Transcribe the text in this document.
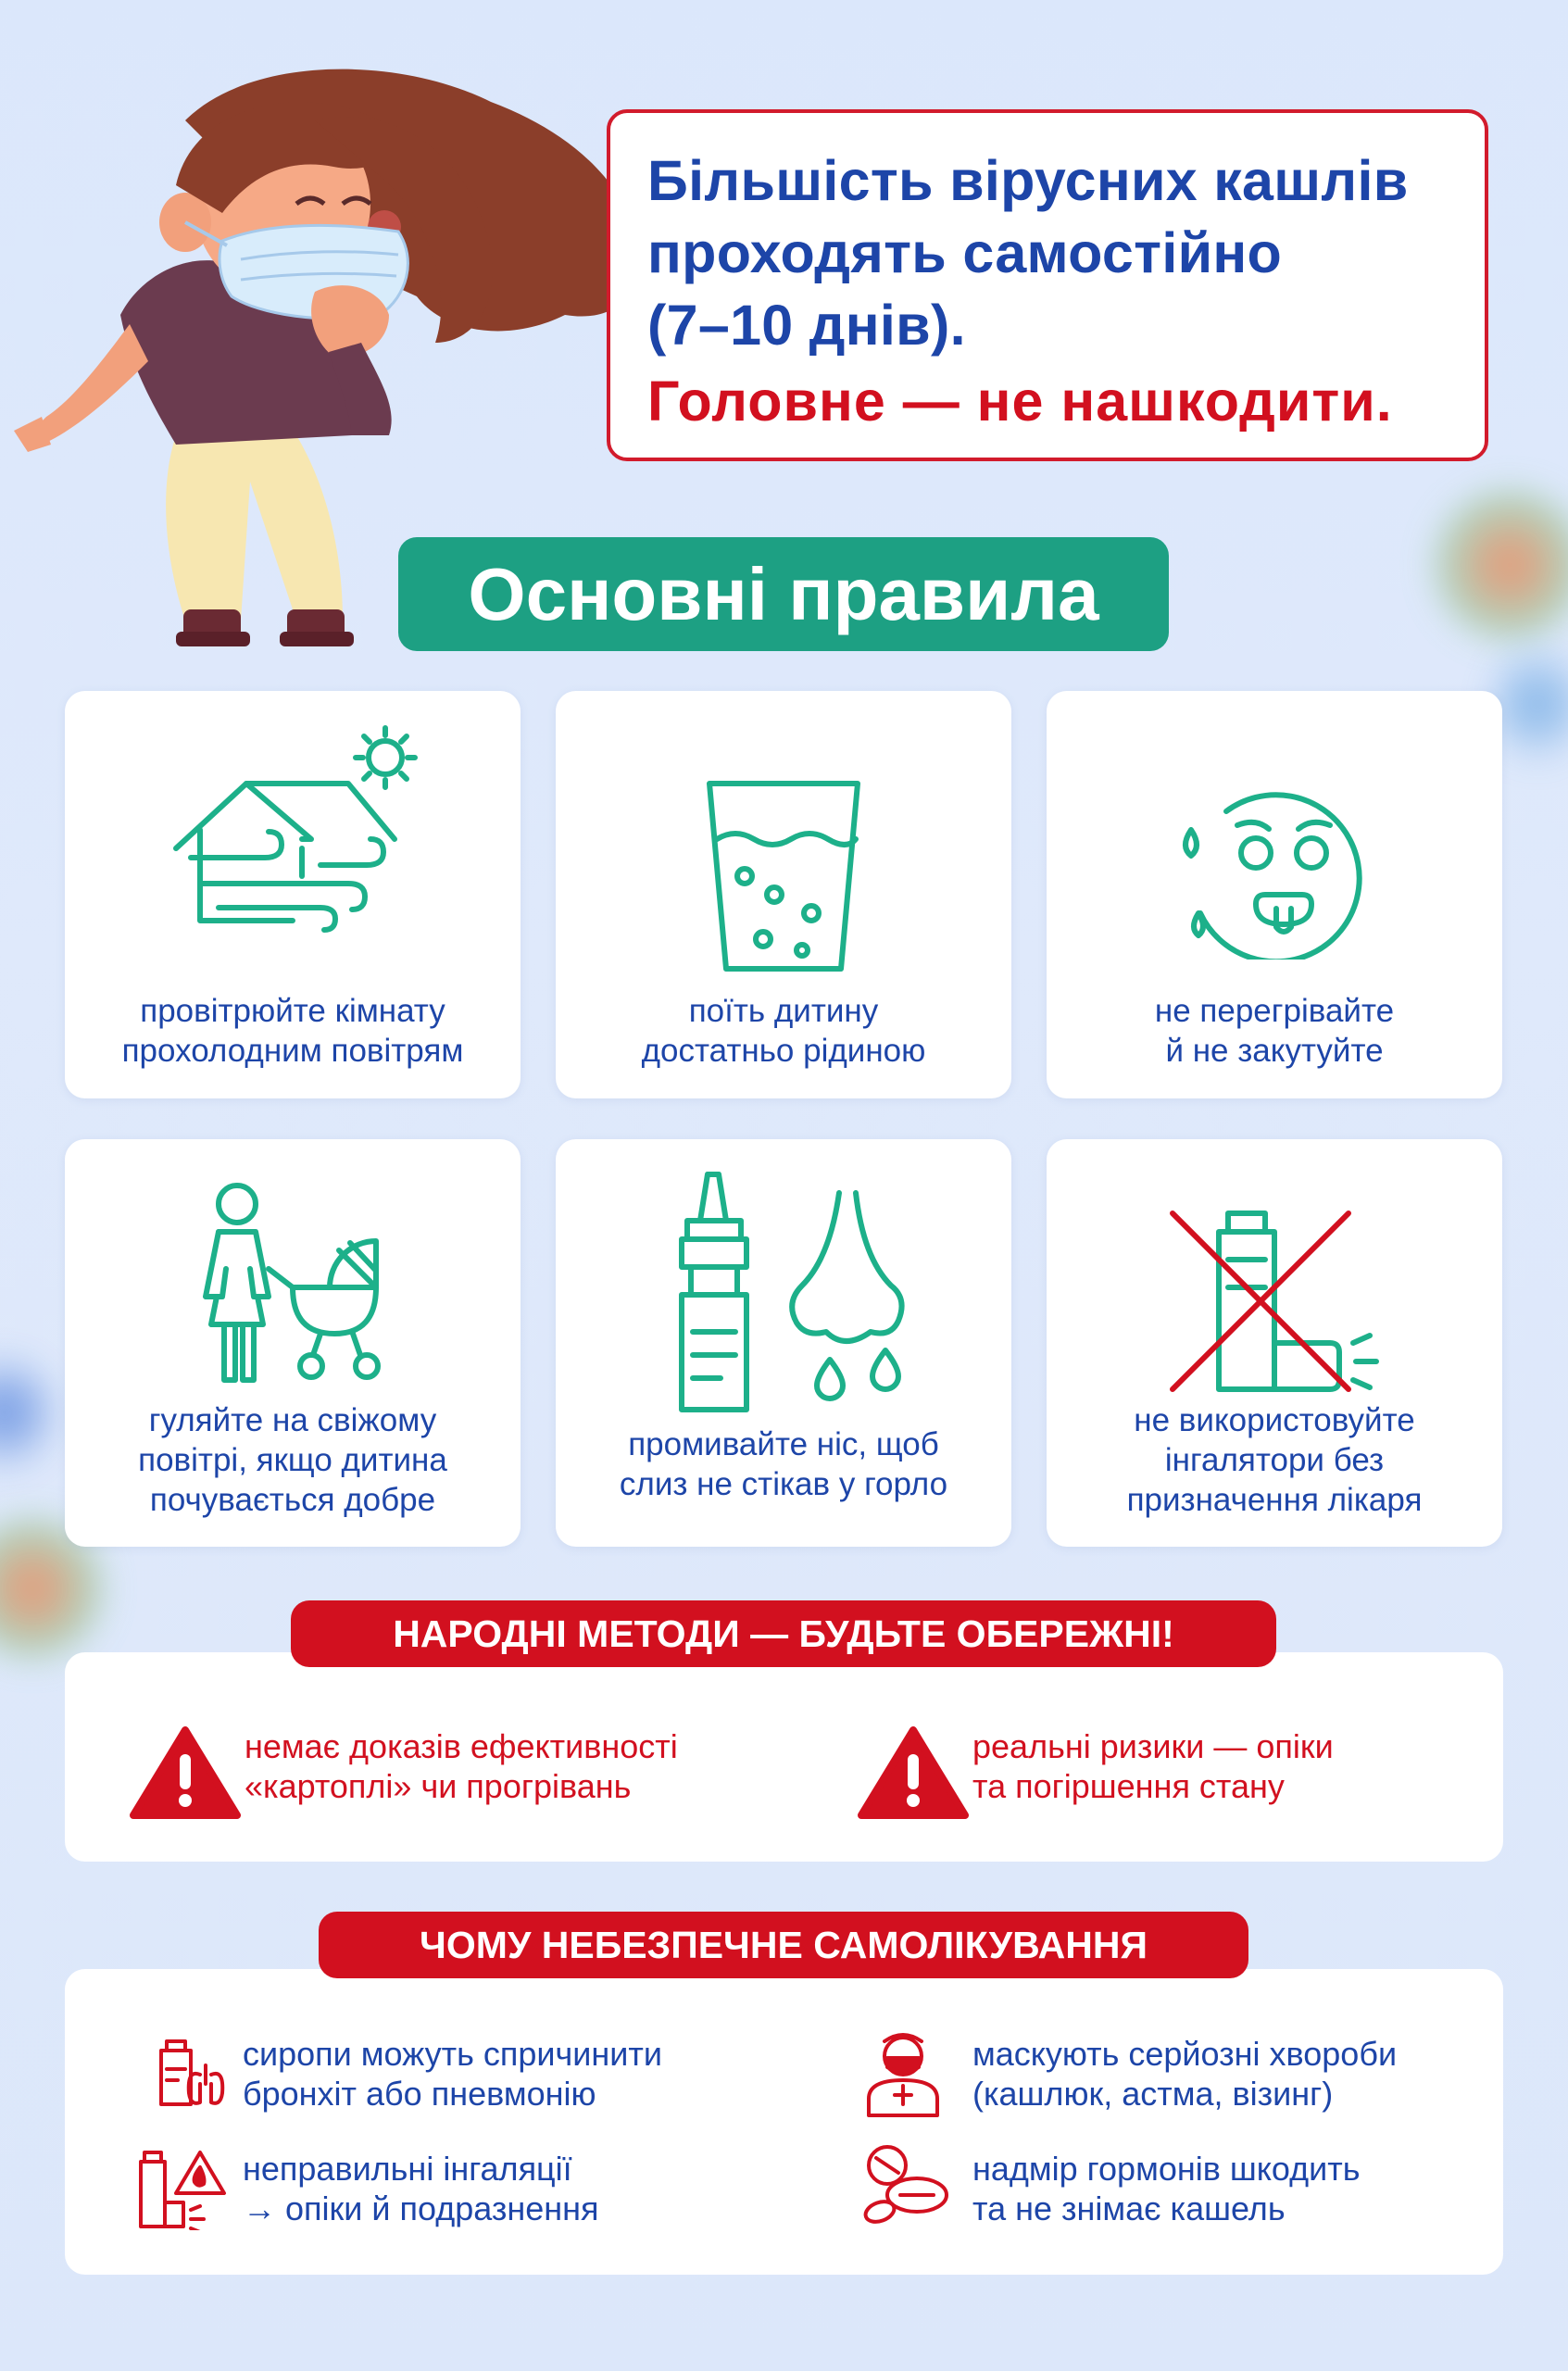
Більшість вірусних кашлів
проходять самостійно
(7–10 днів).
Головне — не нашкодити.
Основні правила
провітрюйте кімнату
прохолодним повітрям
поїть дитину
достатньо рідиною
не перегрівайте
й не закутуйте
гуляйте на свіжому
повітрі, якщо дитина
почувається добре
промивайте ніс, щоб
слиз не стікав у горло
не використовуйте
інгалятори без
призначення лікаря
НАРОДНІ МЕТОДИ — БУДЬТЕ ОБЕРЕЖНІ!
немає доказів ефективності
«картоплі» чи прогрівань
реальні ризики — опіки
та погіршення стану
ЧОМУ НЕБЕЗПЕЧНЕ САМОЛІКУВАННЯ
сиропи можуть спричинити
бронхіт або пневмонію
маскують серйозні хвороби
(кашлюк, астма, візинг)
неправильні інгаляції
→ опіки й подразнення
надмір гормонів шкодить
та не знімає кашель
